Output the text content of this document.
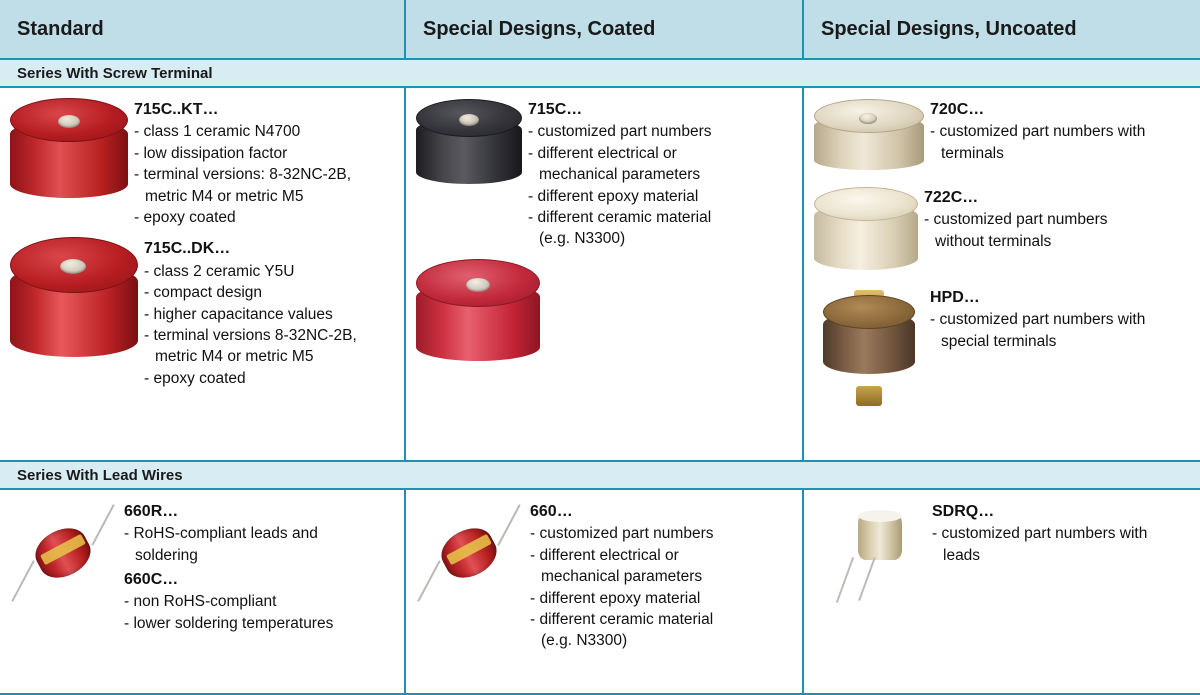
Standard	Special Designs, Coated	Special Designs, Uncoated
Series With Screw Terminal
715C..KT…
- class 1 ceramic N4700
- low dissipation factor
- terminal versions: 8-32NC-2B,
metric M4 or metric M5
- epoxy coated
715C..DK…
- class 2 ceramic Y5U
- compact design
- higher capacitance values
- terminal versions 8-32NC-2B,
metric M4 or metric M5
- epoxy coated
715C…
- customized part numbers
- different electrical or
mechanical parameters
- different epoxy material
- different ceramic material
(e.g. N3300)
720C…
- customized part numbers with
terminals
722C…
- customized part numbers
without terminals
HPD…
- customized part numbers with
special terminals
Series With Lead Wires
660R…
- RoHS-compliant leads and
soldering
660C…
- non RoHS-compliant
- lower soldering temperatures
660…
- customized part numbers
- different electrical or
mechanical parameters
- different epoxy material
- different ceramic material
(e.g. N3300)
SDRQ…
- customized part numbers with
leads
